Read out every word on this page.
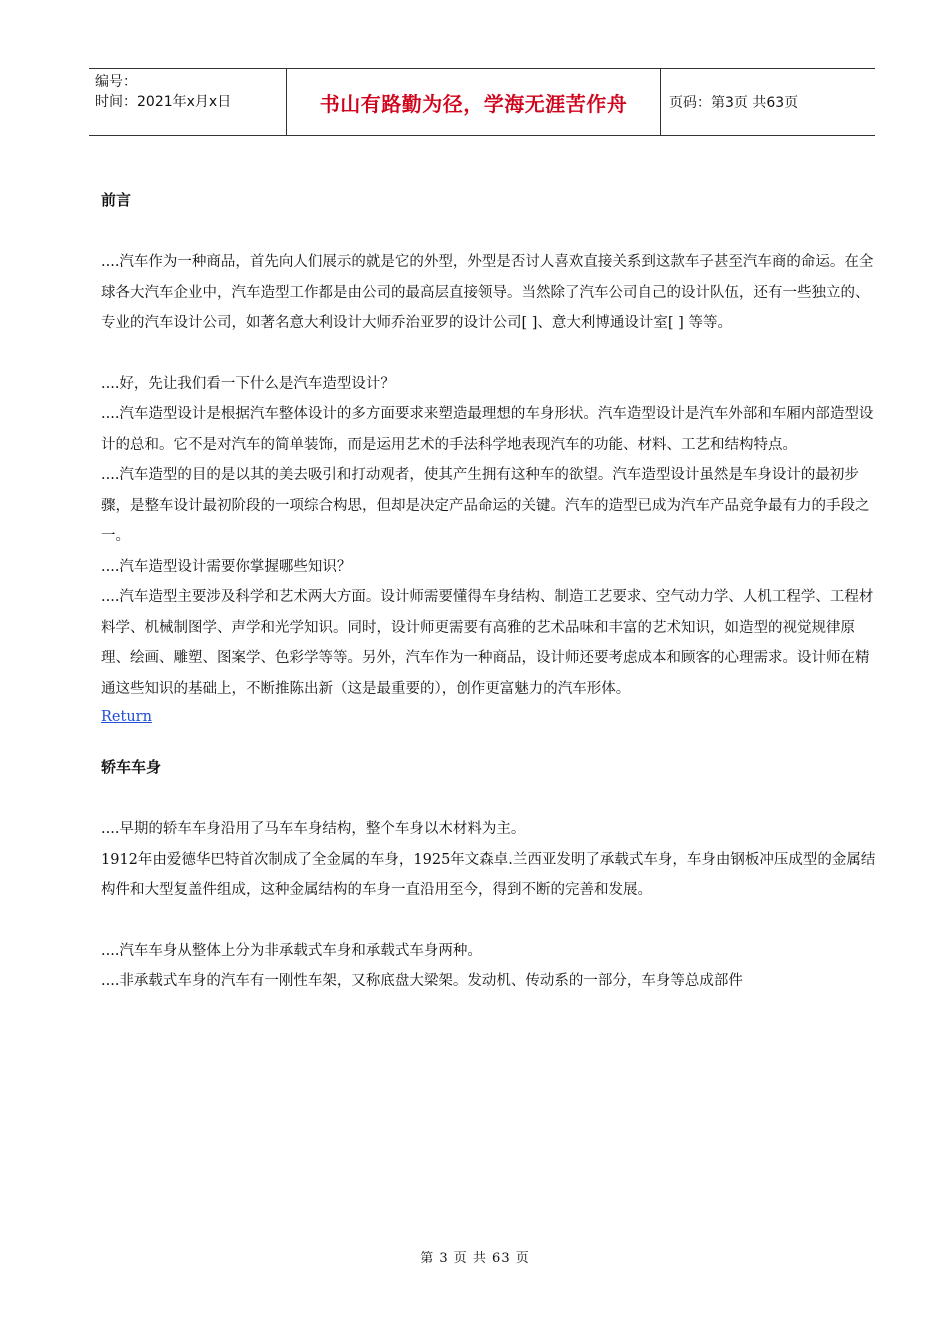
编号：
时间：2021年x月x日	书山有路勤为径，学海无涯苦作舟	页码：第3页 共63页
前言

....汽车作为一种商品，首先向人们展示的就是它的外型，外型是否讨人喜欢直接关系到这款车子甚至汽车商的命运。在全球各大汽车企业中，汽车造型工作都是由公司的最高层直接领导。当然除了汽车公司自己的设计队伍，还有一些独立的、专业的汽车设计公司，如著名意大利设计大师乔治亚罗的设计公司[ ]、意大利博通设计室[ ] 等等。

....好，先让我们看一下什么是汽车造型设计？

....汽车造型设计是根据汽车整体设计的多方面要求来塑造最理想的车身形状。汽车造型设计是汽车外部和车厢内部造型设计的总和。它不是对汽车的简单装饰，而是运用艺术的手法科学地表现汽车的功能、材料、工艺和结构特点。

....汽车造型的目的是以其的美去吸引和打动观者，使其产生拥有这种车的欲望。汽车造型设计虽然是车身设计的最初步骤，是整车设计最初阶段的一项综合构思，但却是决定产品命运的关键。汽车的造型已成为汽车产品竞争最有力的手段之一。

....汽车造型设计需要你掌握哪些知识？

....汽车造型主要涉及科学和艺术两大方面。设计师需要懂得车身结构、制造工艺要求、空气动力学、人机工程学、工程材料学、机械制图学、声学和光学知识。同时，设计师更需要有高雅的艺术品味和丰富的艺术知识，如造型的视觉规律原理、绘画、雕塑、图案学、色彩学等等。另外，汽车作为一种商品，设计师还要考虑成本和顾客的心理需求。设计师在精通这些知识的基础上，不断推陈出新（这是最重要的），创作更富魅力的汽车形体。

Return
轿车车身

....早期的轿车车身沿用了马车车身结构，整个车身以木材料为主。

1912年由爱德华巴特首次制成了全金属的车身，1925年文森卓.兰西亚发明了承载式车身，车身由钢板冲压成型的金属结构件和大型复盖件组成，这种金属结构的车身一直沿用至今，得到不断的完善和发展。

....汽车车身从整体上分为非承载式车身和承载式车身两种。

....非承载式车身的汽车有一刚性车架，又称底盘大梁架。发动机、传动系的一部分，车身等总成部件

第 3 页 共 63 页
